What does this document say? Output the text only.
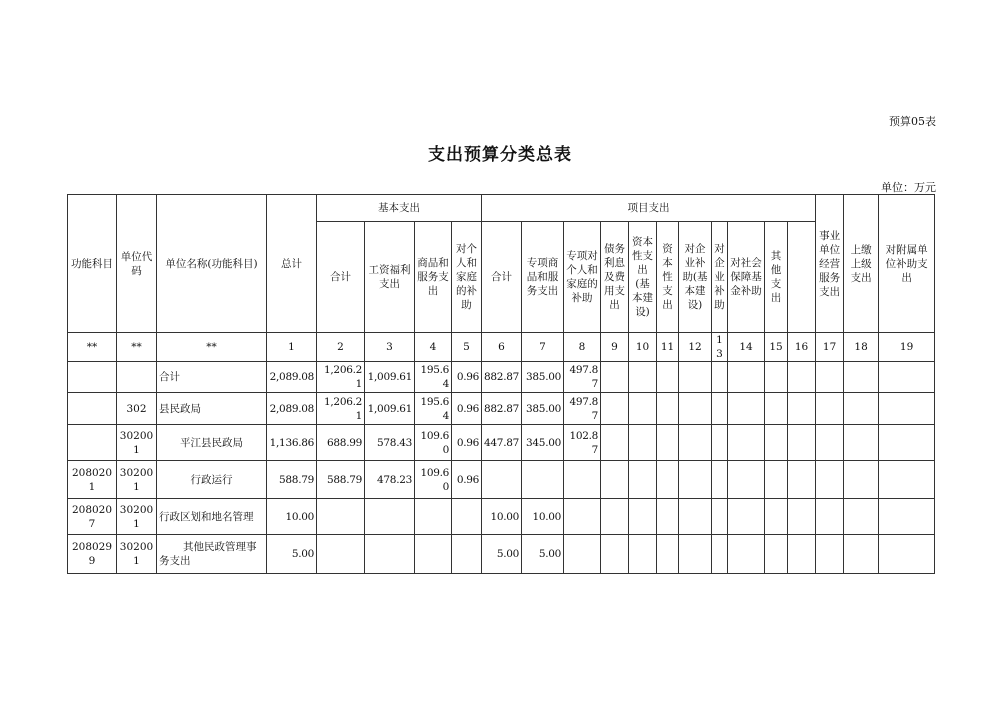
预算05表
支出预算分类总表
单位：万元
功能科目	单位代码	单位名称(功能科目)	总计	基本支出				项目支出											事业单位经营服务支出	上缴上级支出	对附属单位补助支出	
				合计	工资福利支出	商品和服务支出	对个人和家庭的补助	合计	专项商品和服务支出	专项对个人和家庭的补助	债务利息及费用支出	资本性支出(基本建设)	资本性支出	对企业补助(基本建设)	对企业补助	对社会保障基金补助	其他支出					
**	**	**	1	2	3	4	5	6	7	8	9	10	11	12	13	14	15	16	17	18	19	
		合计	2,089.08	1,206.21	1,009.61	195.64	0.96	882.87	385.00	497.87												
	302	县民政局	2,089.08	1,206.21	1,009.61	195.64	0.96	882.87	385.00	497.87												
	302001	平江县民政局	1,136.86	688.99	578.43	109.60	0.96	447.87	345.00	102.87												
2080201	302001	行政运行	588.79	588.79	478.23	109.60	0.96															
2080207	302001	行政区划和地名管理	10.00					10.00	10.00													
2080299	302001	其他民政管理事务支出	5.00					5.00	5.00													
